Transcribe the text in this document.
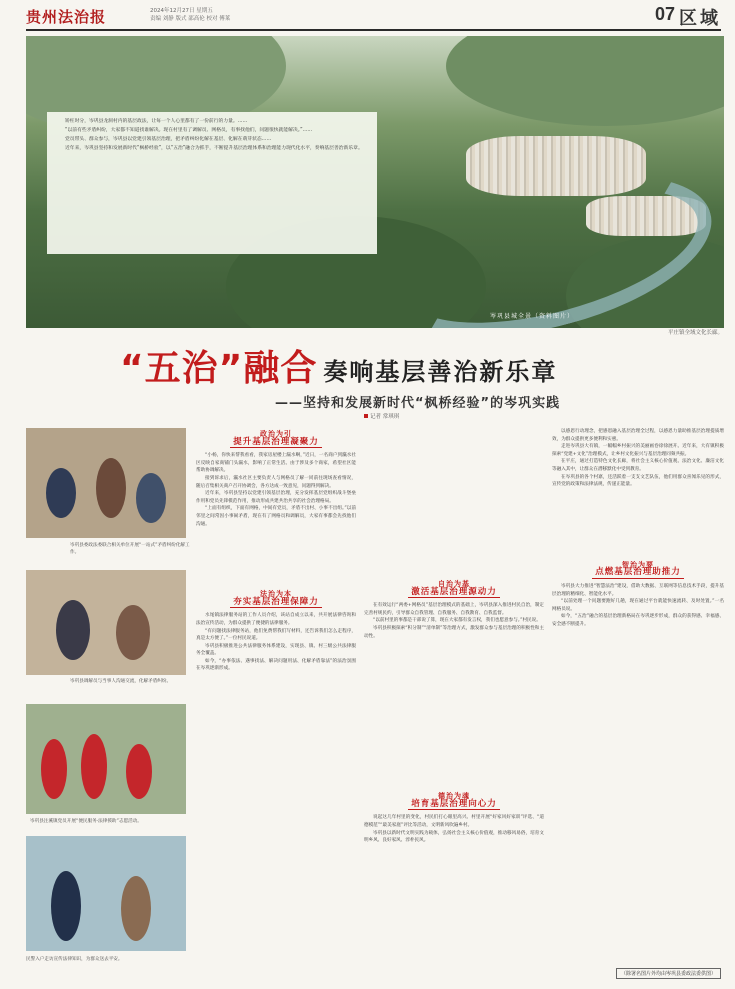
贵州法治报	2024年12月27日 星期五
责编 刘静 版式 邵高伦 校对 傅莱	07 区域
岑巩县城全景（资料图片）

矫枉时分，岑巩县龙洞村内的基层政法，让每一个人心里都有了一份前行的力量。……

“以前有些矛盾纠纷，大家都不知道找谁解决。现在村里有了调解员、网格员，有事找他们，问题很快就能解决。”……

党员带头、群众参与，岑巩县以党建引领基层治理，把矛盾纠纷化解在基层、化解在萌芽状态……

近年来，岑巩县坚持和发展新时代“枫桥经验”，以“五治”融合为抓手，不断提升基层治理体系和治理能力现代化水平，奏响基层善治新乐章。

平庄镇全域文化长廊。
“五治”融合 奏响基层善治新乐章
——坚持和发展新时代“枫桥经验”的岑巩实践
记者 常琪琪
岑巩县委政法委联合相关单位开展“一站式”矛盾纠纷化解工作。
岑巩县调解员与当事人沟通交流，化解矛盾纠纷。
岑巩县注溪镇党员开展“便民服务·法律援助”志愿活动。
民警入户走访宣传法律知识，为群众送去平安。
政治为引
提升基层治理凝聚力

“小杨，你快来帮我看看，我家房屋楼上漏水啊，”近日，一名商户到瀛水社区反映自家商铺门头漏水，影响了正常生活。由于涉及多个商家，希望社区能帮助协调解决。

接到诉求后，瀛水社区主要负责人与网格员了解一同前往现场查看情况，随后召集相关商户召开协调会，各方达成一致意见，问题得到解决。

近年来，岑巩县坚持以党建引领基层治理，充分发挥基层党组织战斗堡垒作用和党员先锋模范作用，推动形成共建共治共享的社会治理格局。

“上面有组织，下面有网格，中间有党员，矛盾不出村、小事不出组。”以前邻里之间常因小事闹矛盾，现在有了网格员和调解员，大家有事都会先找他们沟通。

法治为本
夯实基层治理保障力

水尾镇法律服务站的工作人员介绍，该站自成立以来，共开展法律咨询和法治宣传活动，为群众提供了便捷的法律服务。

“有问题找法律服务站，他们免费帮我们写材料，还告诉我们怎么走程序，真是太方便了。”一位村民说道。

岑巩县积极推进公共法律服务体系建设，实现县、镇、村三级公共法律服务全覆盖。

如今，“办事依法、遇事找法、解决问题用法、化解矛盾靠法”的法治氛围在岑巩逐渐形成。

自治为基
激活基层治理源动力

在有效运行“两委+网格员”基层治理模式的基础上，岑巩县深入推进村民自治，制定完善村规民约，引导群众自我管理、自我服务、自我教育、自我监督。

“以前村里的事都是干部说了算，现在大家都有发言权，我们也愿意参与。”村民说。

岑巩县积极探索“积分制”“清单制”等治理方式，激发群众参与基层治理的积极性和主动性。

德治为魂
培育基层治理向心力

说起这几年村里的变化，村民们打心眼里高兴。村里开展“好家风好家训”评选、“道德模范”“最美家庭”评比等活动，文明新风吹遍乡村。

岑巩县以新时代文明实践为载体，弘扬社会主义核心价值观，推动移风易俗，培育文明乡风、良好家风、淳朴民风。

以感恩行动理念，把感恩融入基层治理全过程，以感恩力量助推基层治理提质增效，为群众提供更多便利和实惠。

走进岑巩县大有镇，一幅幅乡村振兴的美丽画卷徐徐展开。近年来，大有镇积极探索“党建+文化”治理模式，让乡村文化振兴与基层治理同频共振。

在平庄，通过打造特色文化长廊，将社会主义核心价值观、法治文化、廉洁文化等融入其中，让群众在潜移默化中受到教育。

在岑巩县的各个村寨，还活跃着一支支文艺队伍，他们用群众喜闻乐见的形式，宣传党的政策和法律法规，传递正能量。

智治为要
点燃基层治理助推力

岑巩县大力推进“智慧法治”建设，借助大数据、互联网等信息技术手段，提升基层治理的精细化、智能化水平。

“以前处理一个问题要跑好几趟，现在通过平台就能快速流转、及时处置。”一名网格员说。

如今，“五治”融合的基层治理新格局在岑巩逐步形成，群众的获得感、幸福感、安全感不断提升。

（除署名图片外均由岑巩县委政法委供图）
